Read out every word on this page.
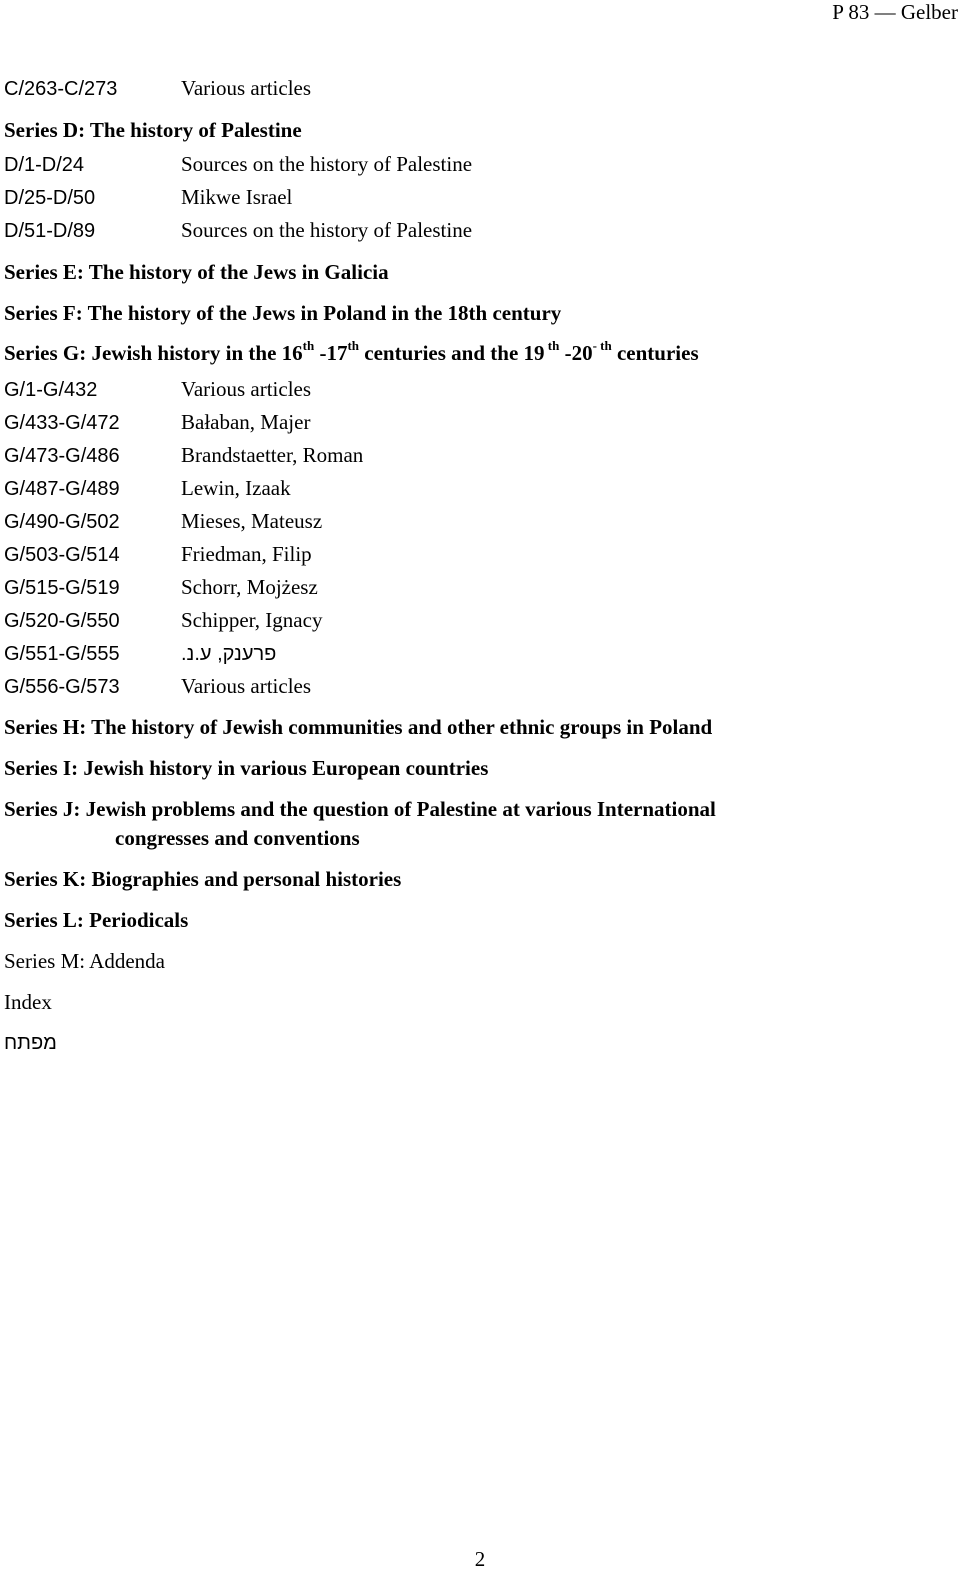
P 83 — Gelber
C/263-C/273	Various articles
Series D: The history of Palestine
D/1-D/24	Sources on the history of Palestine
D/25-D/50	Mikwe Israel
D/51-D/89	Sources on the history of Palestine
Series E: The history of the Jews in Galicia
Series F: The history of the Jews in Poland in the 18th century
Series G: Jewish history in the 16th -17th centuries and the 19 $^{th}$ $-20^{- th}$ centuries
G/1-G/432	Various articles
G/433-G/472	Bałaban, Majer
G/473-G/486	Brandstaetter, Roman
G/487-G/489	Lewin, Izaak
G/490-G/502	Mieses, Mateusz
G/503-G/514	Friedman, Filip
G/515-G/519	Schorr, Mojżesz
G/520-G/550	Schipper, Ignacy
G/551-G/555	פרענק, ע.נ.
G/556-G/573	Various articles
Series H: The history of Jewish communities and other ethnic groups in Poland
Series I: Jewish history in various European countries
Series J: Jewish problems and the question of Palestine at various International
congresses and conventions
Series K: Biographies and personal histories
Series L: Periodicals
Series M: Addenda
Index
מפתח
2
